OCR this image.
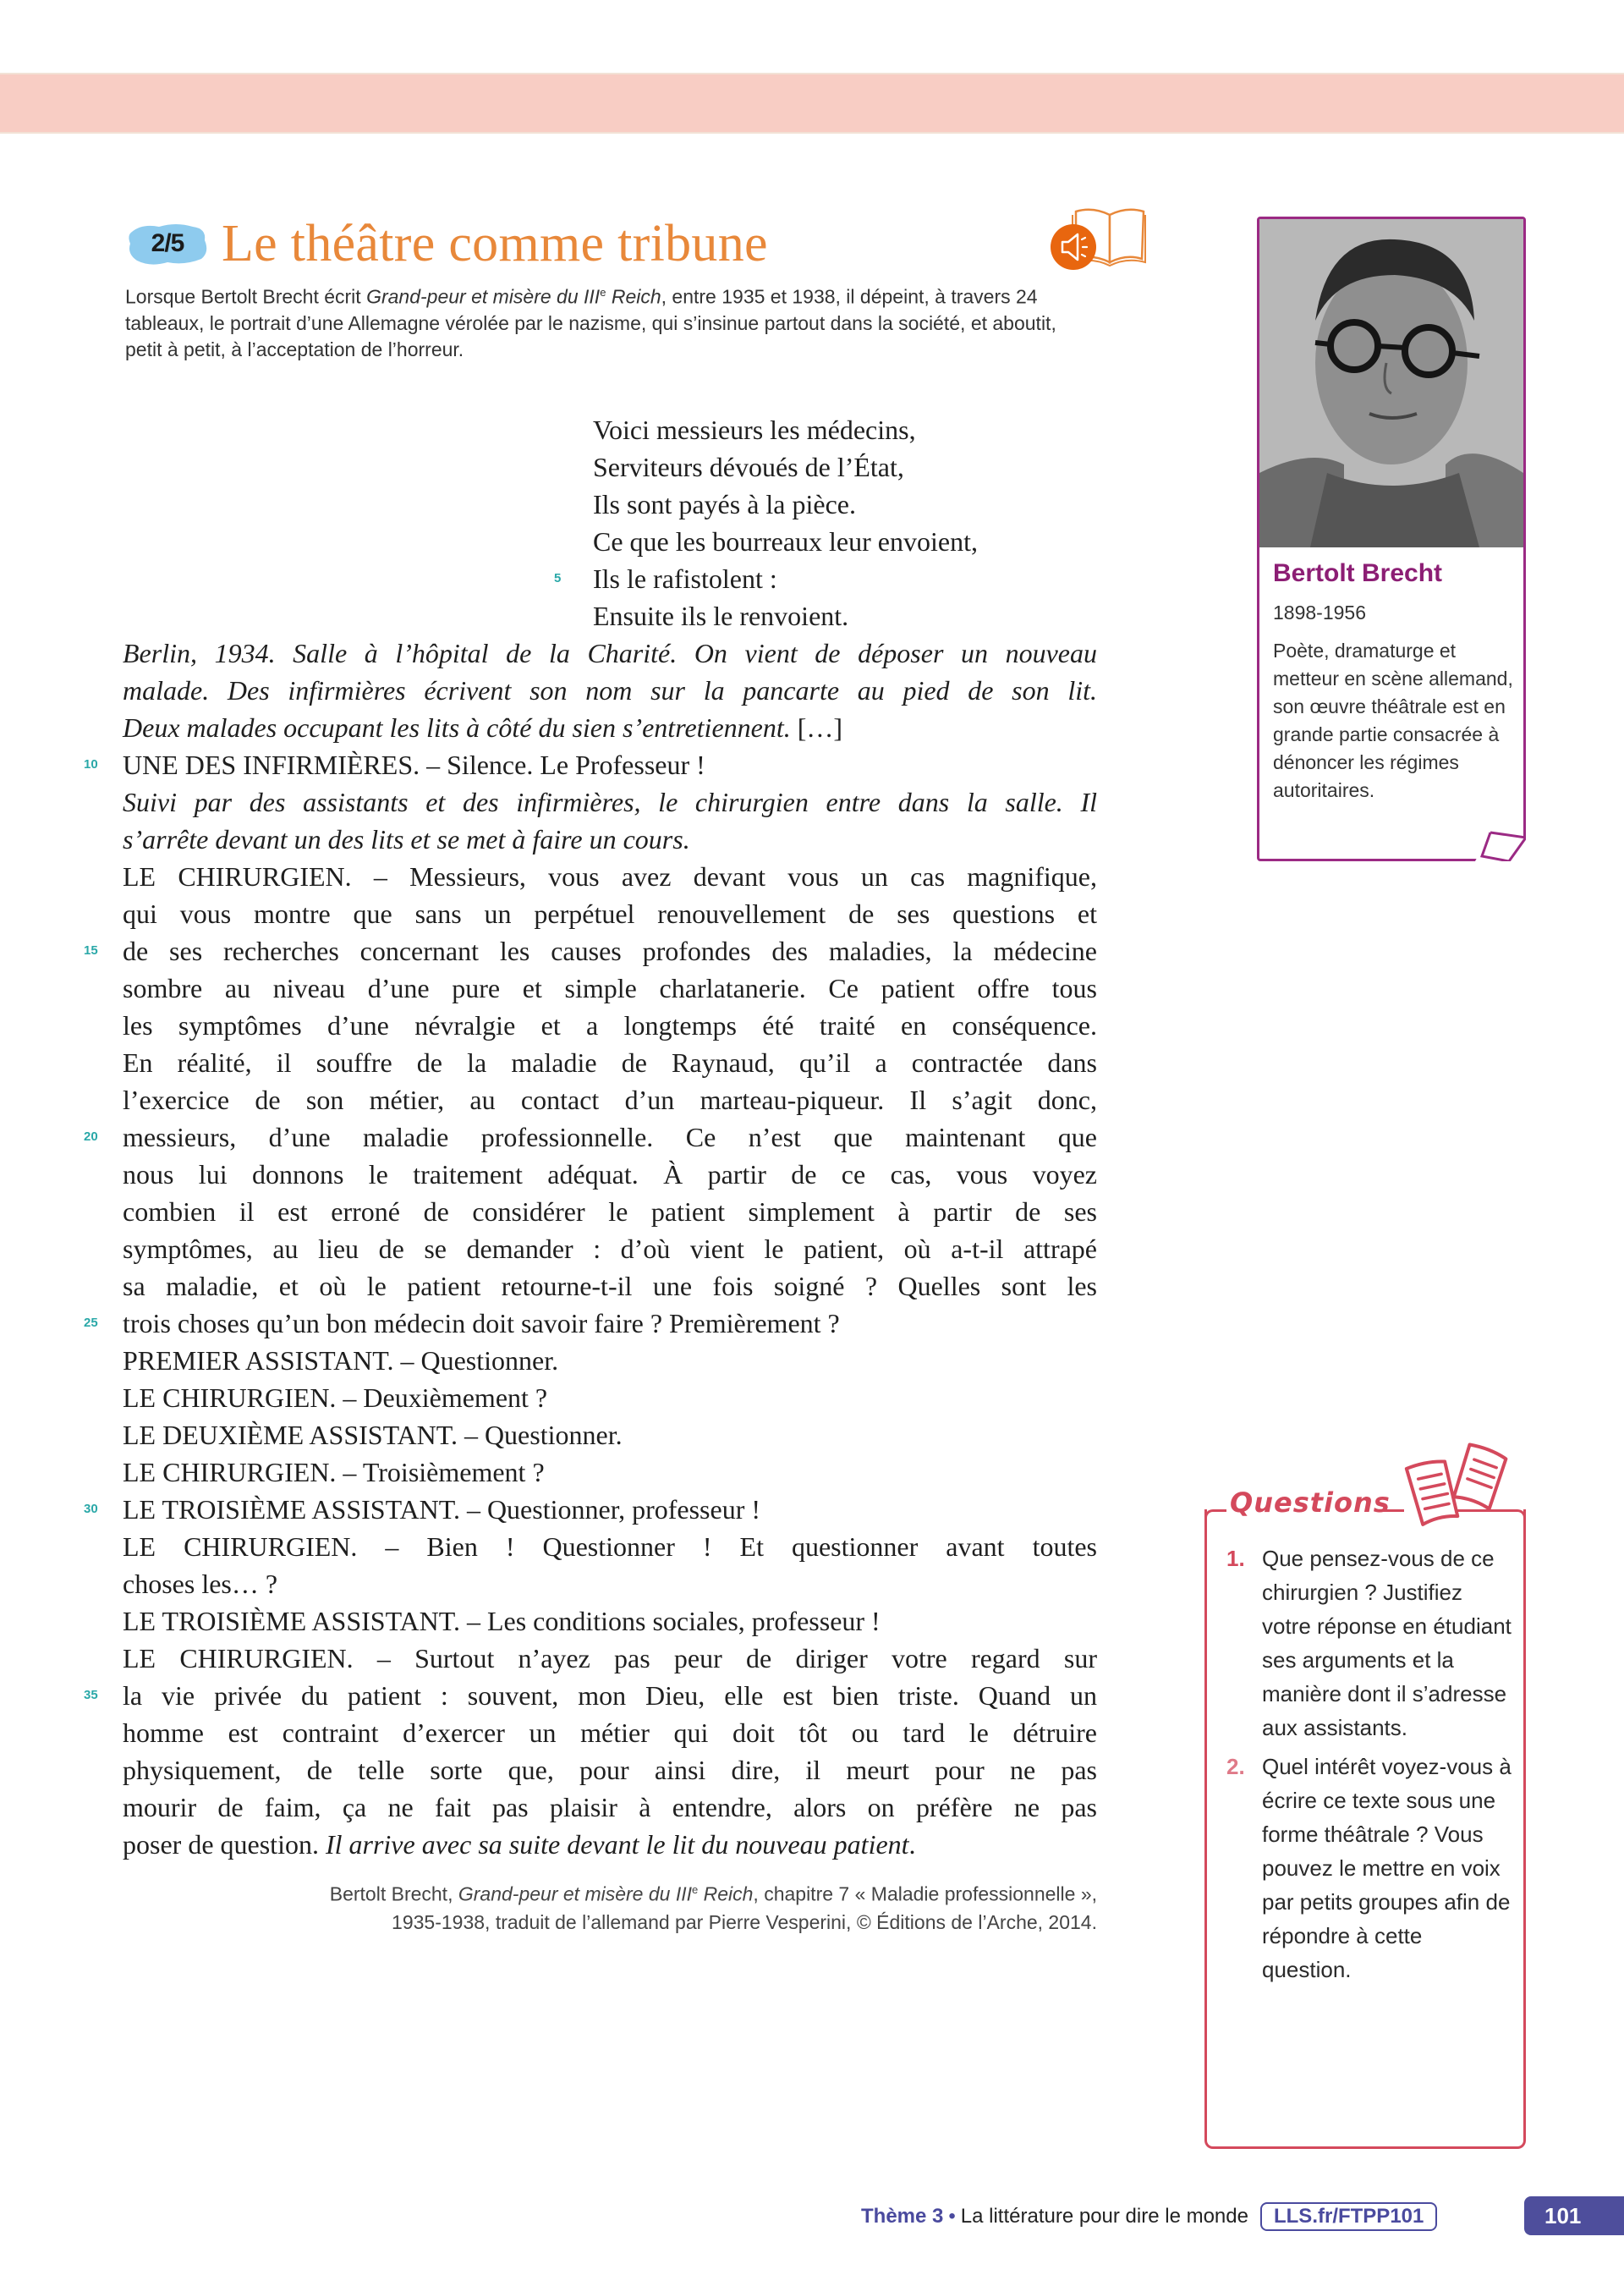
2/5 Le théâtre comme tribune
Lorsque Bertolt Brecht écrit Grand-peur et misère du IIIe Reich, entre 1935 et 1938, il dépeint, à travers 24 tableaux, le portrait d’une Allemagne vérolée par le nazisme, qui s’insinue partout dans la société, et aboutit, petit à petit, à l’acceptation de l’horreur.
Voici messieurs les médecins,
Serviteurs dévoués de l’État,
Ils sont payés à la pièce.
Ce que les bourreaux leur envoient,
5	Ils le rafistolent :
Ensuite ils le renvoient.
Berlin, 1934. Salle à l’hôpital de la Charité. On vient de déposer un nouveau
malade. Des infirmières écrivent son nom sur la pancarte au pied de son lit.
Deux malades occupant les lits à côté du sien s’entretiennent. […]
10 UNE DES INFIRMIÈRES. – Silence. Le Professeur !
Suivi par des assistants et des infirmières, le chirurgien entre dans la salle. Il
s’arrête devant un des lits et se met à faire un cours.
LE CHIRURGIEN. – Messieurs, vous avez devant vous un cas magnifique,
qui vous montre que sans un perpétuel renouvellement de ses questions et
15 de ses recherches concernant les causes profondes des maladies, la médecine
sombre au niveau d’une pure et simple charlatanerie. Ce patient offre tous
les symptômes d’une névralgie et a longtemps été traité en conséquence.
En réalité, il souffre de la maladie de Raynaud, qu’il a contractée dans
l’exercice de son métier, au contact d’un marteau-piqueur. Il s’agit donc,
20 messieurs, d’une maladie professionnelle. Ce n’est que maintenant que
nous lui donnons le traitement adéquat. À partir de ce cas, vous voyez
combien il est erroné de considérer le patient simplement à partir de ses
symptômes, au lieu de se demander : d’où vient le patient, où a-t-il attrapé
sa maladie, et où le patient retourne-t-il une fois soigné ? Quelles sont les
25 trois choses qu’un bon médecin doit savoir faire ? Premièrement ?
PREMIER ASSISTANT. – Questionner.
LE CHIRURGIEN. – Deuxièmement ?
LE DEUXIÈME ASSISTANT. – Questionner.
LE CHIRURGIEN. – Troisièmement ?
30 LE TROISIÈME ASSISTANT. – Questionner, professeur !
LE CHIRURGIEN. – Bien ! Questionner ! Et questionner avant toutes
choses les… ?
LE TROISIÈME ASSISTANT. – Les conditions sociales, professeur !
LE CHIRURGIEN. – Surtout n’ayez pas peur de diriger votre regard sur
35 la vie privée du patient : souvent, mon Dieu, elle est bien triste. Quand un
homme est contraint d’exercer un métier qui doit tôt ou tard le détruire
physiquement, de telle sorte que, pour ainsi dire, il meurt pour ne pas
mourir de faim, ça ne fait pas plaisir à entendre, alors on préfère ne pas
poser de question. Il arrive avec sa suite devant le lit du nouveau patient.
Bertolt Brecht, Grand-peur et misère du IIIe Reich, chapitre 7 « Maladie professionnelle »,
1935-1938, traduit de l’allemand par Pierre Vesperini, © Éditions de l’Arche, 2014.
Bertolt Brecht
1898-1956
Poète, dramaturge et metteur en scène allemand, son œuvre théâtrale est en grande partie consacrée à dénoncer les régimes autoritaires.
Questions
1. Que pensez-vous de ce chirurgien ? Justifiez votre réponse en étudiant ses arguments et la manière dont il s’adresse aux assistants.
2. Quel intérêt voyez-vous à écrire ce texte sous une forme théâtrale ? Vous pouvez le mettre en voix par petits groupes afin de répondre à cette question.
Thème 3 • La littérature pour dire le monde	LLS.fr/FTPP101	101
